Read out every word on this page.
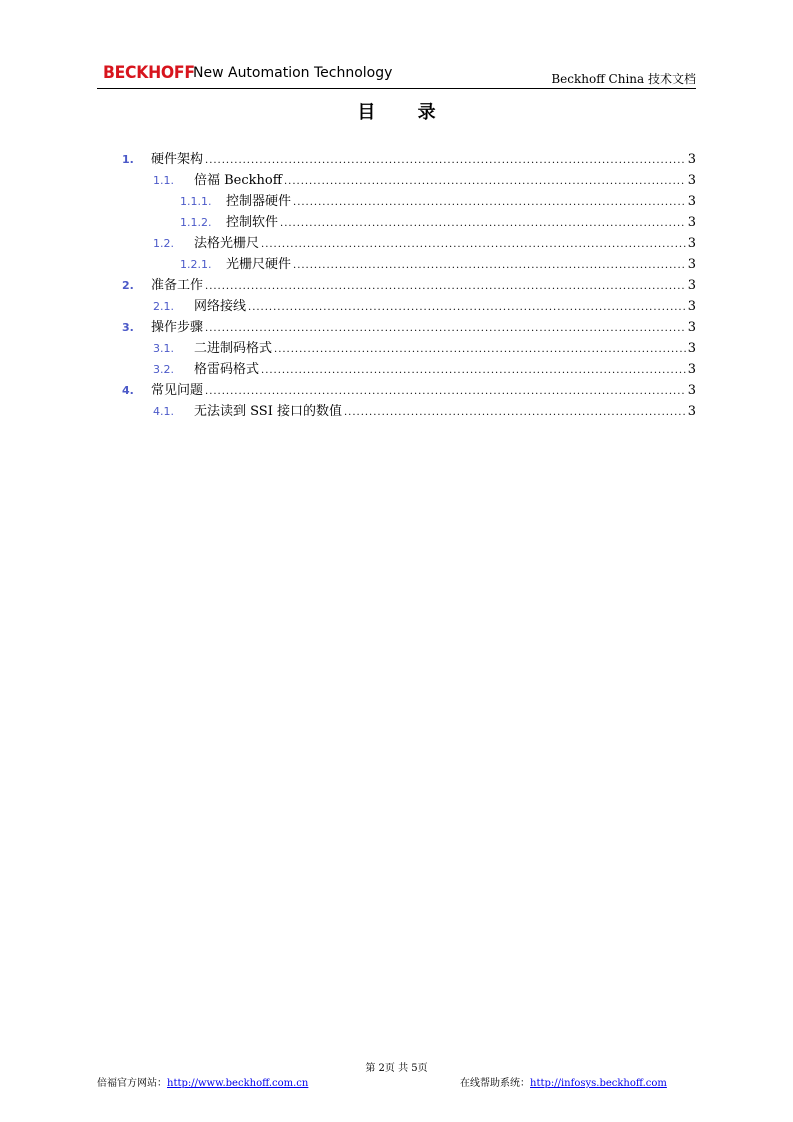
BECKHOFF
New Automation Technology	Beckhoff China 技术文档
目 录
1.	硬件架构 .....	3
1.1.	倍福 Beckhoff .....	3
1.1.1.	控制器硬件 .....	3
1.1.2.	控制软件 .....	3
1.2.	法格光栅尺 .....	3
1.2.1.	光栅尺硬件 .....	3
2.	准备工作 .....	3
2.1.	网络接线 .....	3
3.	操作步骤 .....	3
3.1.	二进制码格式 .....	3
3.2.	格雷码格式 .....	3
4.	常见问题 .....	3
4.1.	无法读到 SSI 接口的数值 .....	3
第 2页 共 5页
倍福官方网站：http://www.beckhoff.com.cn	在线帮助系统：http://infosys.beckhoff.com
